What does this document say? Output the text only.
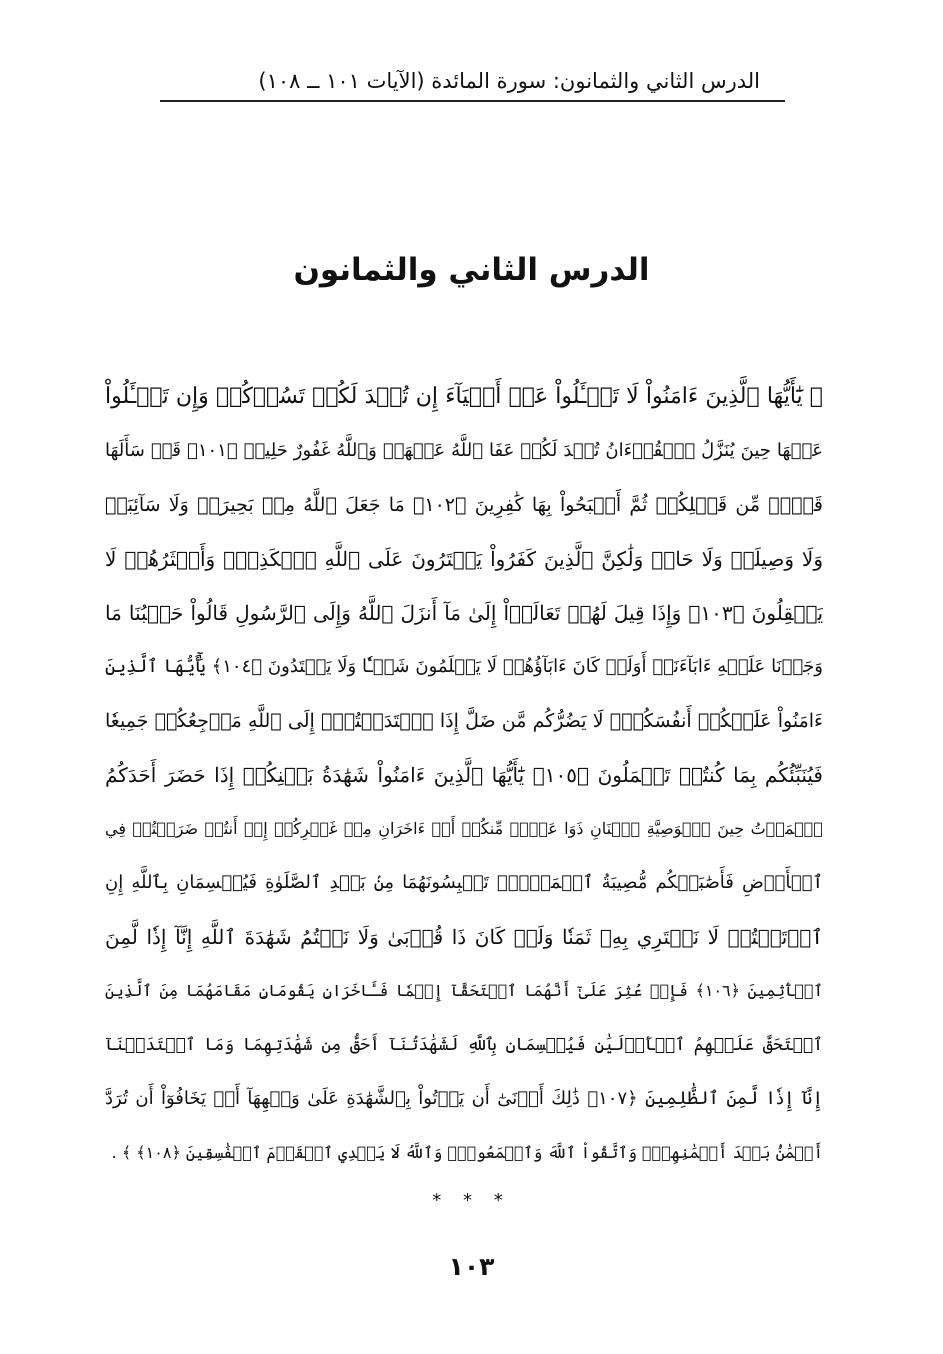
الدرس الثاني والثمانون: سورة المائدة (الآيات ١٠١ ــ ١٠٨)
الدرس الثاني والثمانون
﴿ يَٰٓأَيُّهَا ٱلَّذِينَ ءَامَنُواْ لَا تَسۡـَٔلُواْ عَنۡ أَشۡيَآءَ إِن تُبۡدَ لَكُمۡ تَسُؤۡكُمۡ وَإِن تَسۡـَٔلُواْ
عَنۡهَا حِينَ يُنَزَّلُ ٱلۡقُرۡءَانُ تُبۡدَ لَكُمۡ عَفَا ٱللَّهُ عَنۡهَاۗ وَٱللَّهُ غَفُورٌ حَلِيمٞ ﴿١٠١﴾ قَدۡ سَأَلَهَا
قَوۡمٞ مِّن قَبۡلِكُمۡ ثُمَّ أَصۡبَحُواْ بِهَا كَٰفِرِينَ ﴿١٠٢﴾ مَا جَعَلَ ٱللَّهُ مِنۢ بَحِيرَةٖ وَلَا سَآئِبَةٖ
وَلَا وَصِيلَةٖ وَلَا حَامٖ وَلَٰكِنَّ ٱلَّذِينَ كَفَرُواْ يَفۡتَرُونَ عَلَى ٱللَّهِ ٱلۡكَذِبَۖ وَأَكۡثَرُهُمۡ لَا
يَعۡقِلُونَ ﴿١٠٣﴾ وَإِذَا قِيلَ لَهُمۡ تَعَالَوۡاْ إِلَىٰ مَآ أَنزَلَ ٱللَّهُ وَإِلَى ٱلرَّسُولِ قَالُواْ حَسۡبُنَا مَا
وَجَدۡنَا عَلَيۡهِ ءَابَآءَنَآۚ أَوَلَوۡ كَانَ ءَابَآؤُهُمۡ لَا يَعۡلَمُونَ شَيۡـٔٗا وَلَا يَهۡتَدُونَ ﴿١٠٤﴾ يَٰٓأَيُّهَا ٱلَّذِينَ
ءَامَنُواْ عَلَيۡكُمۡ أَنفُسَكُمۡۖ لَا يَضُرُّكُم مَّن ضَلَّ إِذَا ٱهۡتَدَيۡتُمۡۚ إِلَى ٱللَّهِ مَرۡجِعُكُمۡ جَمِيعٗا
فَيُنَبِّئُكُم بِمَا كُنتُمۡ تَعۡمَلُونَ ﴿١٠٥﴾ يَٰٓأَيُّهَا ٱلَّذِينَ ءَامَنُواْ شَهَٰدَةُ بَيۡنِكُمۡ إِذَا حَضَرَ أَحَدَكُمُ
ٱلۡمَوۡتُ حِينَ ٱلۡوَصِيَّةِ ٱثۡنَانِ ذَوَا عَدۡلٖ مِّنكُمۡ أَوۡ ءَاخَرَانِ مِنۡ غَيۡرِكُمۡ إِنۡ أَنتُمۡ ضَرَبۡتُمۡ فِي
ٱلۡأَرۡضِ فَأَصَٰبَتۡكُم مُّصِيبَةُ ٱلۡمَوۡتِۚ تَحۡبِسُونَهُمَا مِنۢ بَعۡدِ ٱلصَّلَوٰةِ فَيُقۡسِمَانِ بِٱللَّهِ إِنِ
ٱرۡتَبۡتُمۡ لَا نَشۡتَرِي بِهِۦ ثَمَنٗا وَلَوۡ كَانَ ذَا قُرۡبَىٰ وَلَا نَكۡتُمُ شَهَٰدَةَ ٱللَّهِ إِنَّآ إِذٗا لَّمِنَ
ٱلۡأٓثِمِينَ ﴿١٠٦﴾ فَإِنۡ عُثِرَ عَلَىٰٓ أَنَّهُمَا ٱسۡتَحَقَّآ إِثۡمٗا فَـَٔاخَرَانِ يَقُومَانِ مَقَامَهُمَا مِنَ ٱلَّذِينَ
ٱسۡتَحَقَّ عَلَيۡهِمُ ٱلۡأَوۡلَيَٰنِ فَيُقۡسِمَانِ بِٱللَّهِ لَشَهَٰدَتُنَآ أَحَقُّ مِن شَهَٰدَتِهِمَا وَمَا ٱعۡتَدَيۡنَآ
إِنَّآ إِذٗا لَّمِنَ ٱلظَّٰلِمِينَ ﴿١٠٧﴾ ذَٰلِكَ أَدۡنَىٰٓ أَن يَأۡتُواْ بِٱلشَّهَٰدَةِ عَلَىٰ وَجۡهِهَآ أَوۡ يَخَافُوٓاْ أَن تُرَدَّ
أَيۡمَٰنُۢ بَعۡدَ أَيۡمَٰنِهِمۡۗ وَٱتَّقُواْ ٱللَّهَ وَٱسۡمَعُواْۗ وَٱللَّهُ لَا يَهۡدِي ٱلۡقَوۡمَ ٱلۡفَٰسِقِينَ ﴿١٠٨﴾ ﴾ .
* * *
١٠٣
